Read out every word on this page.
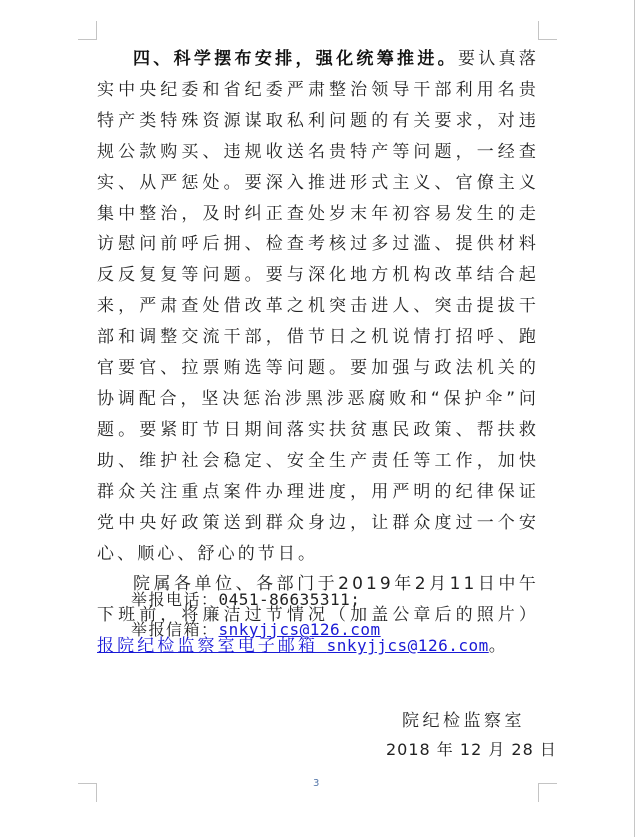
四、科学摆布安排，强化统筹推进。要认真落实中央纪委和省纪委严肃整治领导干部利用名贵特产类特殊资源谋取私利问题的有关要求，对违规公款购买、违规收送名贵特产等问题，一经查实、从严惩处。要深入推进形式主义、官僚主义集中整治，及时纠正查处岁末年初容易发生的走访慰问前呼后拥、检查考核过多过滥、提供材料反反复复等问题。要与深化地方机构改革结合起来，严肃查处借改革之机突击进人、突击提拔干部和调整交流干部，借节日之机说情打招呼、跑官要官、拉票贿选等问题。要加强与政法机关的协调配合，坚决惩治涉黑涉恶腐败和“保护伞”问题。要紧盯节日期间落实扶贫惠民政策、帮扶救助、维护社会稳定、安全生产责任等工作，加快群众关注重点案件办理进度，用严明的纪律保证党中央好政策送到群众身边，让群众度过一个安心、顺心、舒心的节日。

院属各单位、各部门于2019年2月11日中午下班前，将廉洁过节情况（加盖公章后的照片）报院纪检监察室电子邮箱 snkyjjcs@126.com。

举报电话：0451-86635311;
举报信箱：snkyjjcs@126.com
院纪检监察室
2018 年 12 月 28 日
3
